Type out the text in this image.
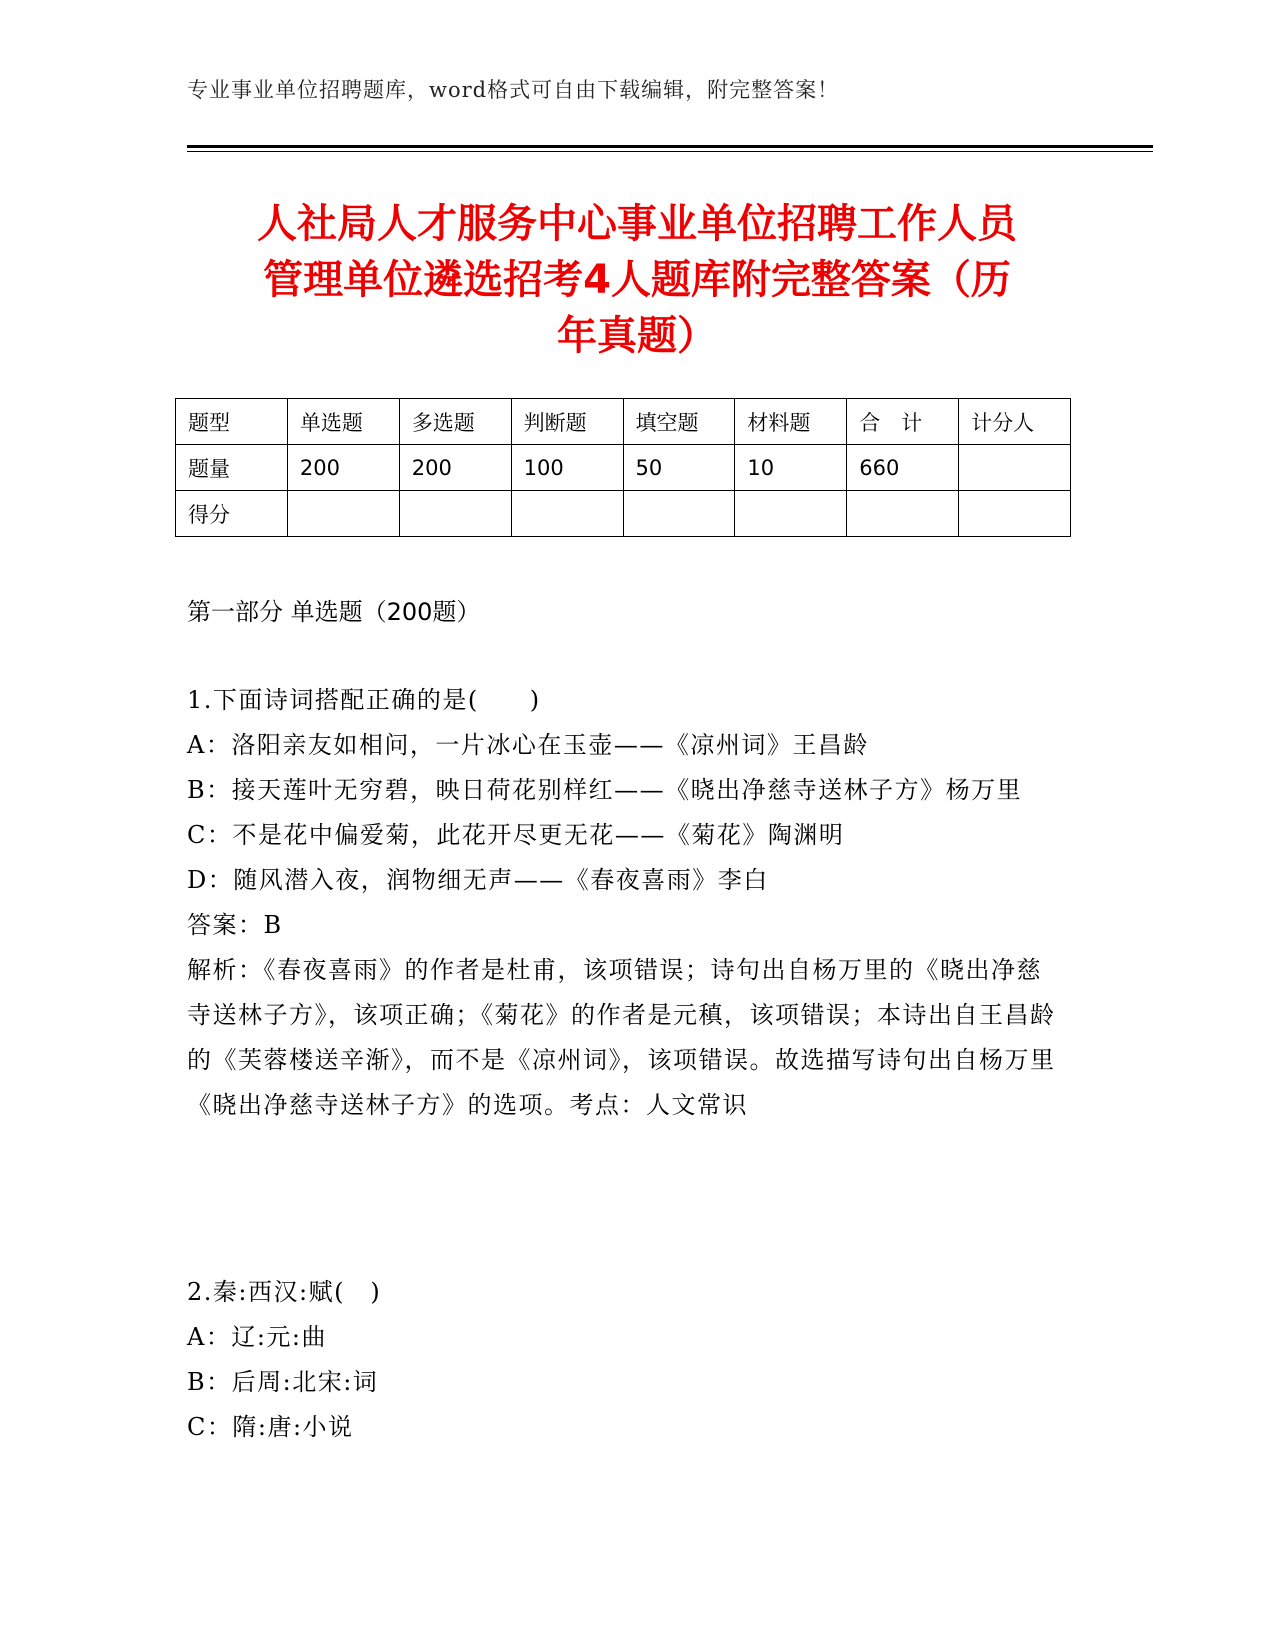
专业事业单位招聘题库，word格式可自由下载编辑，附完整答案！
人社局人才服务中心事业单位招聘工作人员
管理单位遴选招考4人题库附完整答案（历
年真题）
题型	单选题	多选题	判断题	填空题	材料题	合　计	计分人
题量	200	200	100	50	10	660	
得分							
第一部分 单选题（200题）

1.下面诗词搭配正确的是(　　)

A：洛阳亲友如相问，一片冰心在玉壶——《凉州词》王昌龄

B：接天莲叶无穷碧，映日荷花别样红——《晓出净慈寺送林子方》杨万里

C：不是花中偏爱菊，此花开尽更无花——《菊花》陶渊明

D：随风潜入夜，润物细无声——《春夜喜雨》李白

答案：B

解析：《春夜喜雨》的作者是杜甫，该项错误；诗句出自杨万里的《晓出净慈寺送林子方》，该项正确；《菊花》的作者是元稹，该项错误；本诗出自王昌龄的《芙蓉楼送辛渐》，而不是《凉州词》，该项错误。故选描写诗句出自杨万里《晓出净慈寺送林子方》的选项。考点：人文常识

2.秦:西汉:赋(　)

A：辽:元:曲

B：后周:北宋:词

C：隋:唐:小说
